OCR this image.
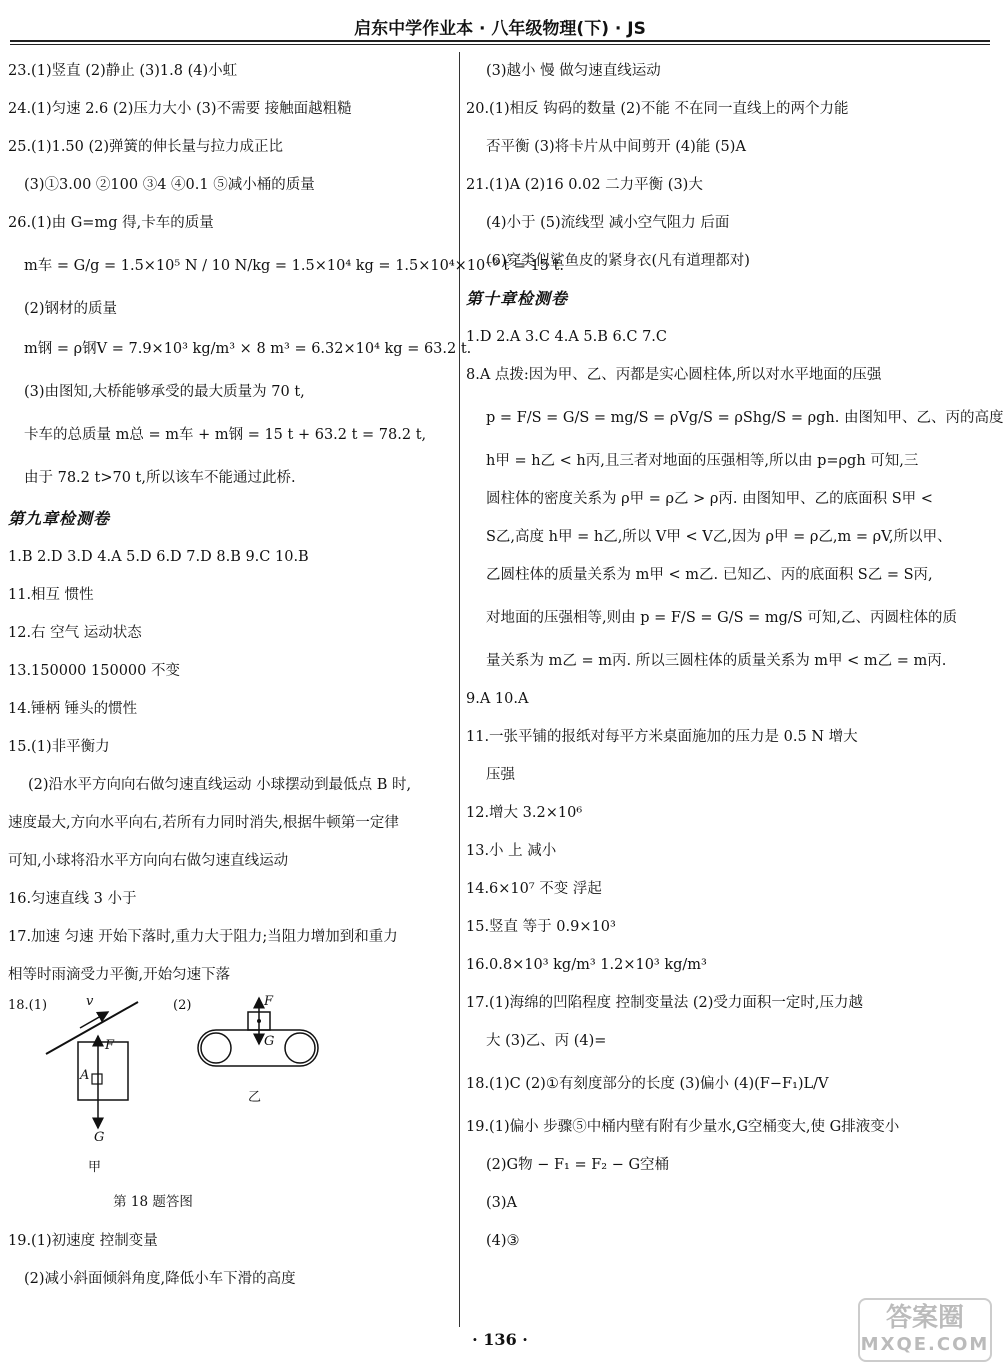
启东中学作业本 · 八年级物理(下) · JS
23.(1)竖直 (2)静止 (3)1.8 (4)小虹
24.(1)匀速 2.6 (2)压力大小 (3)不需要 接触面越粗糙
25.(1)1.50 (2)弹簧的伸长量与拉力成正比
(3)①3.00 ②100 ③4 ④0.1 ⑤减小桶的质量
26.(1)由 G=mg 得,卡车的质量
m车 = G/g = 1.5×10⁵ N / 10 N/kg = 1.5×10⁴ kg = 1.5×10⁴×10⁻³ t = 15 t.
(2)钢材的质量
m钢 = ρ钢V = 7.9×10³ kg/m³ × 8 m³ = 6.32×10⁴ kg = 63.2 t.
(3)由图知,大桥能够承受的最大质量为 70 t,
卡车的总质量 m总 = m车 + m钢 = 15 t + 63.2 t = 78.2 t,
由于 78.2 t>70 t,所以该车不能通过此桥.
第九章检测卷
1.B 2.D 3.D 4.A 5.D 6.D 7.D 8.B 9.C 10.B
11.相互 惯性
12.右 空气 运动状态
13.150000 150000 不变
14.锤柄 锤头的惯性
15.(1)非平衡力
(2)沿水平方向向右做匀速直线运动 小球摆动到最低点 B 时,
速度最大,方向水平向右,若所有力同时消失,根据牛顿第一定律
可知,小球将沿水平方向向右做匀速直线运动
16.匀速直线 3 小于
17.加速 匀速 开始下落时,重力大于阻力;当阻力增加到和重力
相等时雨滴受力平衡,开始匀速下落
18.(1)	(2)
v
F
A
G
F
G
甲
乙
第 18 题答图
19.(1)初速度 控制变量
(2)减小斜面倾斜角度,降低小车下滑的高度
(3)越小 慢 做匀速直线运动
20.(1)相反 钩码的数量 (2)不能 不在同一直线上的两个力能
否平衡 (3)将卡片从中间剪开 (4)能 (5)A
21.(1)A (2)16 0.02 二力平衡 (3)大
(4)小于 (5)流线型 减小空气阻力 后面
(6)穿类似鲨鱼皮的紧身衣(凡有道理都对)
第十章检测卷
1.D 2.A 3.C 4.A 5.B 6.C 7.C
8.A 点拨:因为甲、乙、丙都是实心圆柱体,所以对水平地面的压强
p = F/S = G/S = mg/S = ρVg/S = ρShg/S = ρgh. 由图知甲、乙、丙的高度
h甲 = h乙 < h丙,且三者对地面的压强相等,所以由 p=ρgh 可知,三
圆柱体的密度关系为 ρ甲 = ρ乙 > ρ丙. 由图知甲、乙的底面积 S甲 <
S乙,高度 h甲 = h乙,所以 V甲 < V乙,因为 ρ甲 = ρ乙,m = ρV,所以甲、
乙圆柱体的质量关系为 m甲 < m乙. 已知乙、丙的底面积 S乙 = S丙,
对地面的压强相等,则由 p = F/S = G/S = mg/S 可知,乙、丙圆柱体的质
量关系为 m乙 = m丙. 所以三圆柱体的质量关系为 m甲 < m乙 = m丙.
9.A 10.A
11.一张平铺的报纸对每平方米桌面施加的压力是 0.5 N 增大
压强
12.增大 3.2×10⁶
13.小 上 减小
14.6×10⁷ 不变 浮起
15.竖直 等于 0.9×10³
16.0.8×10³ kg/m³ 1.2×10³ kg/m³
17.(1)海绵的凹陷程度 控制变量法 (2)受力面积一定时,压力越
大 (3)乙、丙 (4)=
18.(1)C (2)①有刻度部分的长度 (3)偏小 (4)(F−F₁)L/V
19.(1)偏小 步骤⑤中桶内壁有附有少量水,G空桶变大,使 G排液变小
(2)G物 − F₁ = F₂ − G空桶
(3)A
(4)③
· 136 ·
答案圈
MXQE.COM
